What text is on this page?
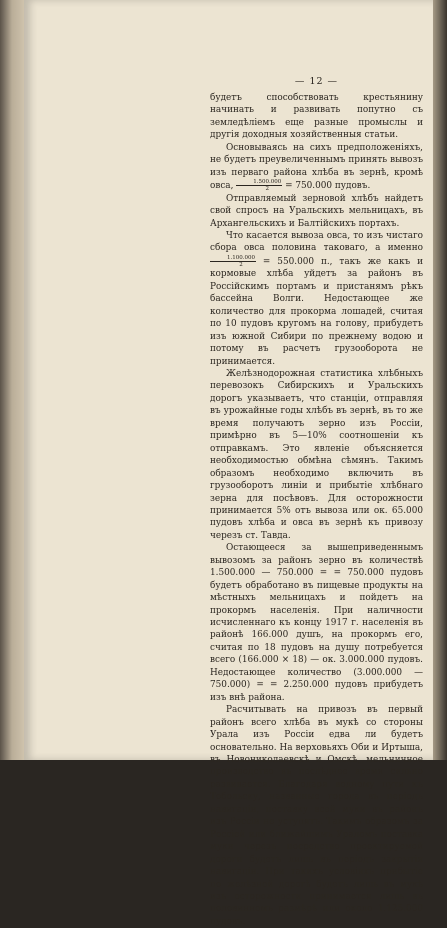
— 12 —

будетъ способствовать крестьянину начинать и развивать попутно съ земледѣліемъ еще разные промыслы и другія доходныя хозяйственныя статьи.

Основываясь на сихъ предположеніяхъ, не будетъ преувеличеннымъ принять вывозъ изъ перваго района хлѣба въ зернѣ, кромѣ овса, $\frac{1.500.000}{2} = 750.000$ пудовъ.

Отправляемый зерновой хлѣбъ найдетъ свой спросъ на Уральскихъ мельницахъ, въ Архангельскихъ и Балтійскихъ портахъ.

Что касается вывоза овса, то изъ чистаго сбора овса половина таковаго, а именно
$\frac{1.100.000}{2} = 550.000$ п., такъ же какъ и кормовые хлѣба уйдетъ за районъ въ Россійскимъ портамъ и пристанямъ рѣкъ бассейна Волги. Недостающее же количество для прокорма лошадей, считая по 10 пудовъ кругомъ на голову, прибудетъ изъ южной Сибири по прежнему водою и потому въ расчетъ грузооборота не принимается.

Желѣзнодорожная статистика хлѣбныхъ перевозокъ Сибирскихъ и Уральскихъ дорогъ указываетъ, что станціи, отправляя въ урожайные годы хлѣбъ въ зернѣ, въ то же время получаютъ зерно изъ Россіи, примѣрно въ 5—10% соотношеніи къ отправкамъ. Это явленіе объясняется необходимостью обмѣна сѣмянъ. Такимъ образомъ необходимо включить въ грузооборотъ линіи и прибытіе хлѣбнаго зерна для посѣвовъ. Для осторожности принимается 5% отъ вывоза или ок. 65.000 пудовъ хлѣба и овса въ зернѣ къ привозу черезъ ст. Тавда.

Остающееся за вышеприведеннымъ вывозомъ за районъ зерно въ количествѣ 1.500.000 — 750.000 = = 750.000 пудовъ будетъ обработано въ пищевые продукты на мѣстныхъ мельницахъ и пойдетъ на прокормъ населенія. При наличности исчисленнаго къ концу 1917 г. населенія въ районѣ 166.000 душъ, на прокормъ его, считая по 18 пудовъ на душу потребуется всего (166.000 × 18) — ок. 3.000.000 пудовъ. Недостающее количество (3.000.000 — 750.000) = = 2.250.000 пудовъ прибудетъ изъ внѣ района.

Расчитывать на привозъ въ первый районъ всего хлѣба въ мукѣ со стороны Урала изъ Россіи едва ли будетъ основательно. На верховьяхъ Оби и Иртыша, въ Новониколаевскѣ и Омскѣ, мельничное производство въ послѣднее время сильно развивается. Благодаря водному пути къ Тобольску, названные города въ періодъ навигаціи, поставку всей муки въ районъ изъ Россіи не уступятъ. Такимъ образомъ за Россіей или ближайшимъ Ураломъ поставка муки черезъ посредство проектируемой дороги будетъ лишь въ періодъ закрытія навигаціи. При такихъ условіяхъ прибытіе по желѣзной дорогѣ будетъ лишь въ мукѣ изъ осторожности принимается лишь въ половинномъ размѣрѣ или около 1.125.000 пудовъ.
